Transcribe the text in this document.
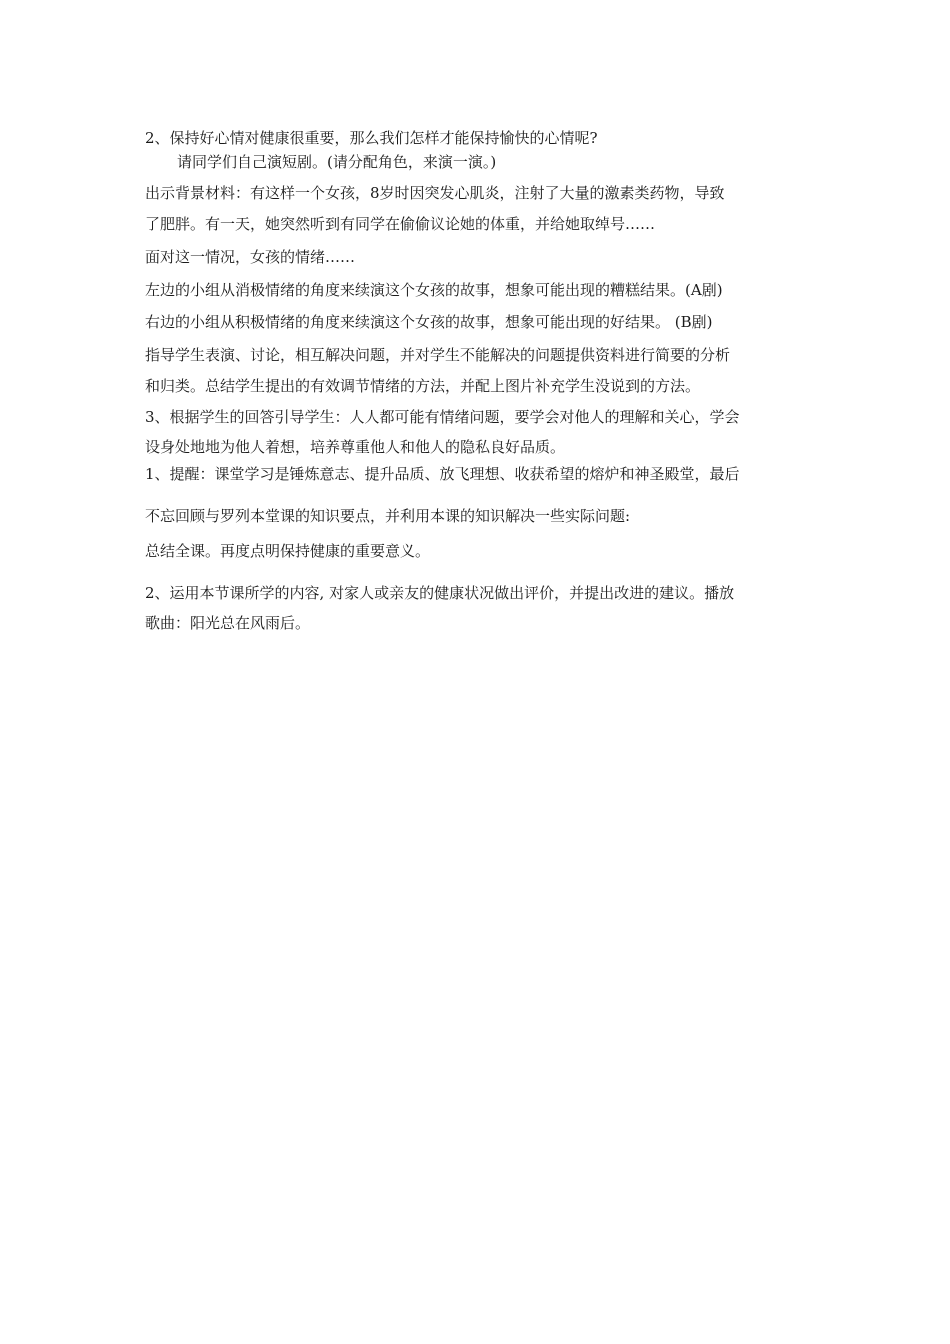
2、保持好心情对健康很重要，那么我们怎样才能保持愉快的心情呢?
请同学们自己演短剧。(请分配角色，来演一演。)
出示背景材料：有这样一个女孩，8岁时因突发心肌炎，注射了大量的激素类药物，导致
了肥胖。有一天，她突然听到有同学在偷偷议论她的体重，并给她取绰号……
面对这一情况，女孩的情绪……
左边的小组从消极情绪的角度来续演这个女孩的故事，想象可能出现的糟糕结果。(A剧)
右边的小组从积极情绪的角度来续演这个女孩的故事，想象可能出现的好结果。 (B剧)
指导学生表演、讨论，相互解决问题，并对学生不能解决的问题提供资料进行简要的分析
和归类。总结学生提出的有效调节情绪的方法，并配上图片补充学生没说到的方法。
3、根据学生的回答引导学生：人人都可能有情绪问题，要学会对他人的理解和关心，学会
设身处地地为他人着想，培养尊重他人和他人的隐私良好品质。
1、提醒：课堂学习是锤炼意志、提升品质、放飞理想、收获希望的熔炉和神圣殿堂，最后
不忘回顾与罗列本堂课的知识要点，并利用本课的知识解决一些实际问题:
总结全课。再度点明保持健康的重要意义。
2、运用本节课所学的内容, 对家人或亲友的健康状况做出评价，并提出改进的建议。播放
歌曲：阳光总在风雨后。
